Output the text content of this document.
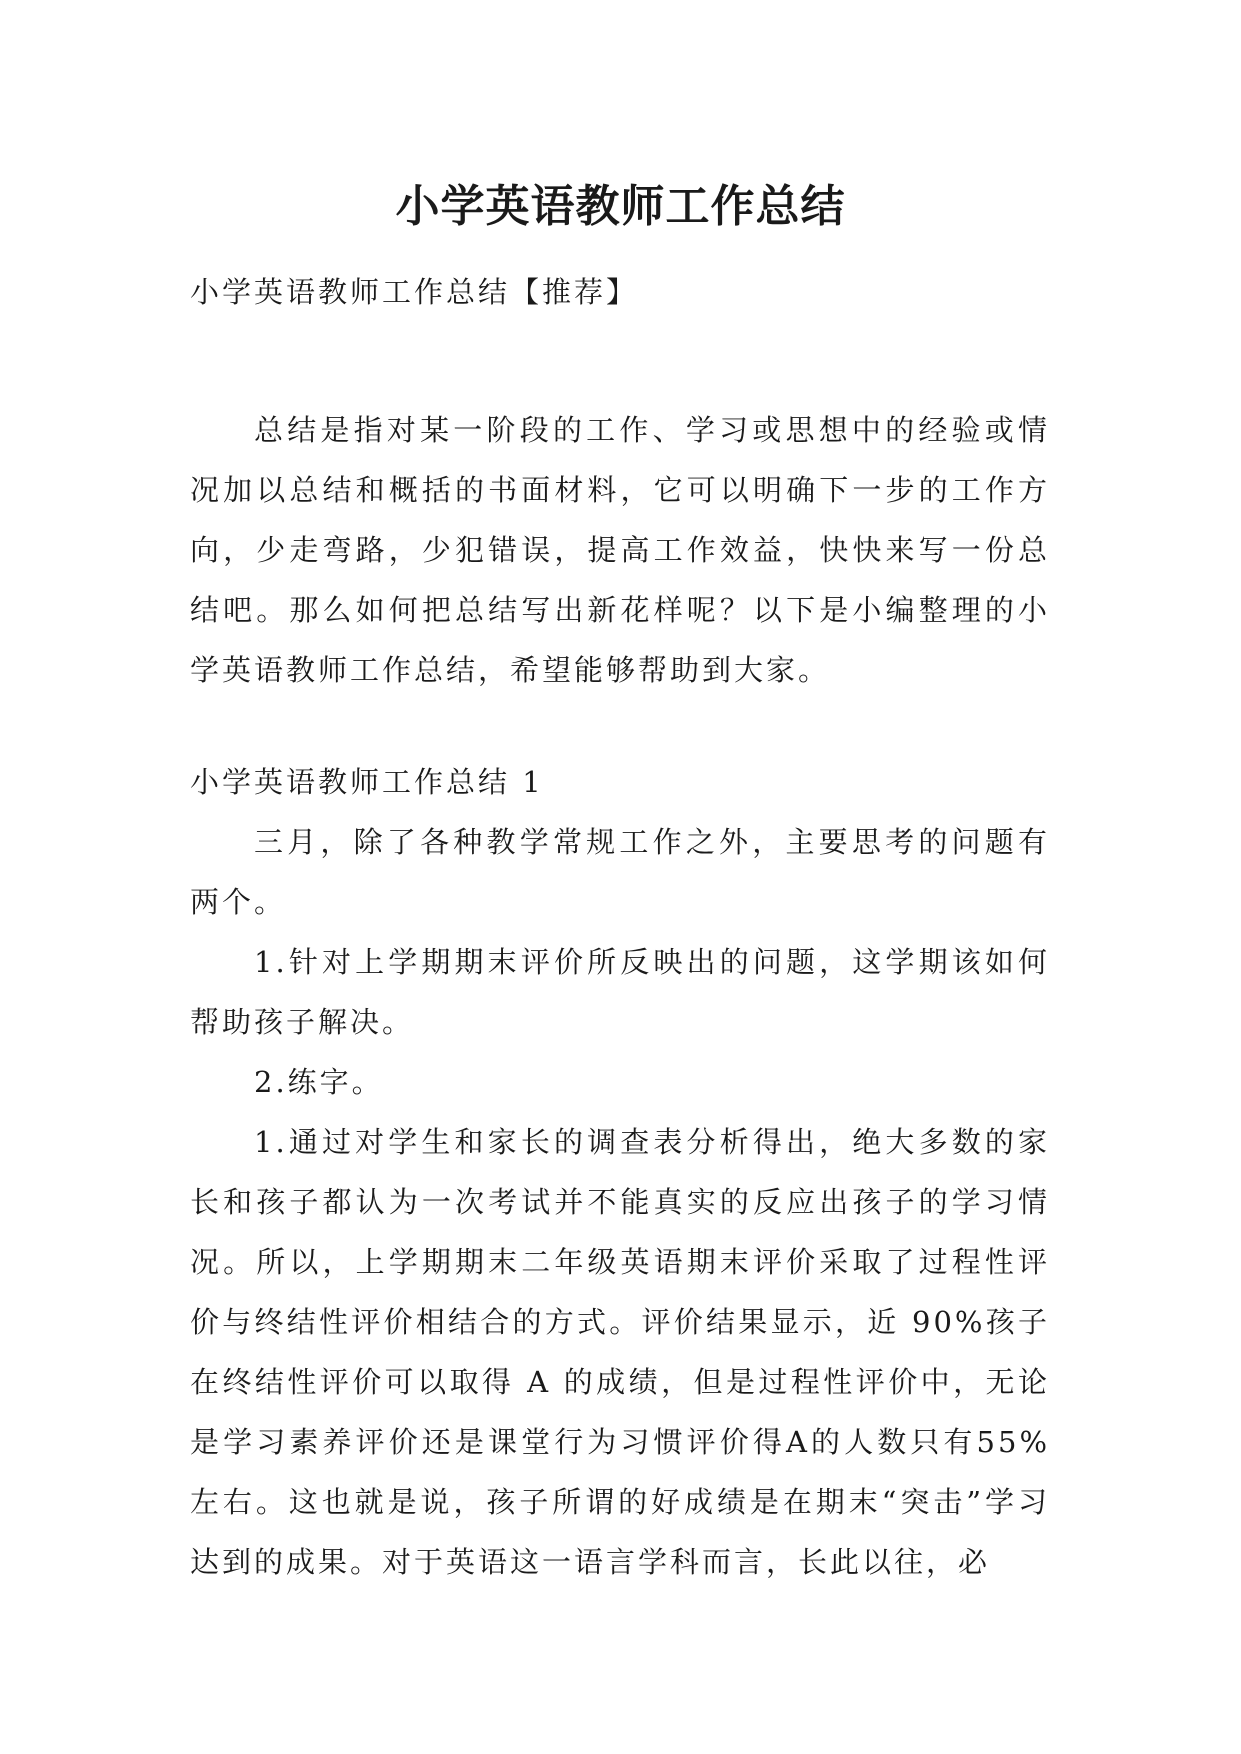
小学英语教师工作总结

小学英语教师工作总结【推荐】

总结是指对某一阶段的工作、学习或思想中的经验或情况加以总结和概括的书面材料，它可以明确下一步的工作方向，少走弯路，少犯错误，提高工作效益，快快来写一份总结吧。那么如何把总结写出新花样呢？以下是小编整理的小学英语教师工作总结，希望能够帮助到大家。

小学英语教师工作总结 1

三月，除了各种教学常规工作之外，主要思考的问题有两个。

1.针对上学期期末评价所反映出的问题，这学期该如何帮助孩子解决。

2.练字。

1.通过对学生和家长的调查表分析得出，绝大多数的家长和孩子都认为一次考试并不能真实的反应出孩子的学习情况。所以，上学期期末二年级英语期末评价采取了过程性评价与终结性评价相结合的方式。评价结果显示，近 90%孩子在终结性评价可以取得 A 的成绩，但是过程性评价中，无论是学习素养评价还是课堂行为习惯评价得A的人数只有55%左右。这也就是说，孩子所谓的好成绩是在期末“突击”学习达到的成果。对于英语这一语言学科而言，长此以往，必
